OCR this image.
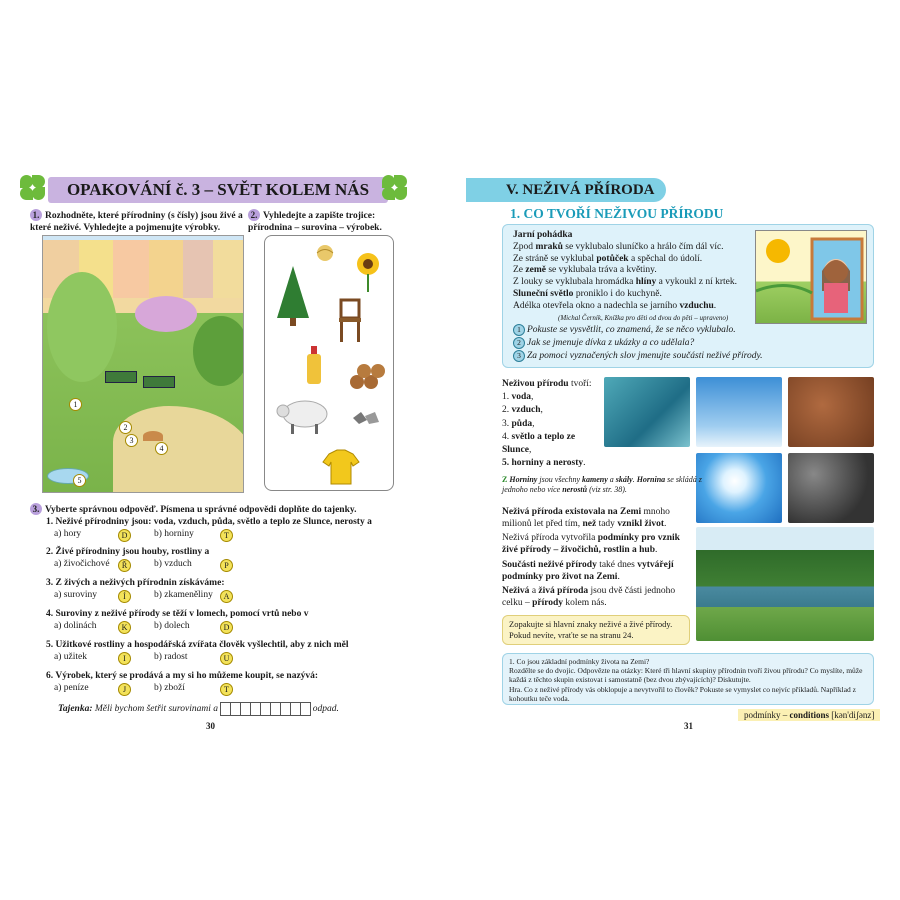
OPAKOVÁNÍ č. 3 – SVĚT KOLEM NÁS
1. Rozhodněte, které přírodniny (s čísly) jsou živé a které neživé. Vyhledejte a pojmenujte výrobky.
2. Vyhledejte a zapište trojice: přírodnina – surovina – výrobek.
1
2
3
4
5
3. Vyberte správnou odpověď. Písmena u správné odpovědi doplňte do tajenky.
1. Neživé přírodniny jsou: voda, vzduch, půda, světlo a teplo ze Slunce, nerosty a
a) hory	D	b) horniny	T
2. Živé přírodniny jsou houby, rostliny a
a) živočichové	Ř	b) vzduch	P
3. Z živých a neživých přírodnin získáváme:
a) suroviny	Í	b) zkameněliny	A
4. Suroviny z neživé přírody se těží v lomech, pomocí vrtů nebo v
a) dolinách	K	b) dolech	D
5. Užitkové rostliny a hospodářská zvířata člověk vyšlechtil, aby z nich měl
a) užitek	I	b) radost	U
6. Výrobek, který se prodává a my si ho můžeme koupit, se nazývá:
a) peníze	J	b) zboží	T
Tajenka: Měli bychom šetřit surovinami a	odpad.
30
V. NEŽIVÁ PŘÍRODA
1. CO TVOŘÍ NEŽIVOU PŘÍRODU
Jarní pohádka
Zpod mraků se vyklubalo sluníčko a hrálo čím dál víc.
Ze stráně se vyklubal potůček a spěchal do údolí.
Ze země se vyklubala tráva a květiny.
Z louky se vyklubala hromádka hlíny a vykoukl z ní krtek.
Sluneční světlo proniklo i do kuchyně.
Adélka otevřela okno a nadechla se jarního vzduchu.
(Michal Černík, Knížka pro děti od dvou do pěti – upraveno)
1 Pokuste se vysvětlit, co znamená, že se něco vyklubalo.
2 Jak se jmenuje dívka z ukázky a co udělala?
3 Za pomoci vyznačených slov jmenujte součásti neživé přírody.
Neživou přírodu tvoří:
1. voda,
2. vzduch,
3. půda,
4. světlo a teplo ze Slunce,
5. horniny a nerosty.
Z Horniny jsou všechny kameny a skály. Hornina se skládá z jednoho nebo více nerostů (viz str. 38).
Neživá příroda existovala na Zemi mnoho milionů let před tím, než tady vznikl život.
Neživá příroda vytvořila podmínky pro vznik živé přírody – živočichů, rostlin a hub.
Součásti neživé přírody také dnes vytvářejí podmínky pro život na Zemi.
Neživá a živá příroda jsou dvě části jednoho celku – přírody kolem nás.
Zopakujte si hlavní znaky neživé a živé přírody. Pokud nevíte, vraťte se na stranu 24.
1. Co jsou základní podmínky života na Zemi?
Rozdělte se do dvojic. Odpovězte na otázky: Které tři hlavní skupiny přírodnin tvoří živou přírodu? Co myslíte, může každá z těchto skupin existovat i samostatně (bez dvou zbývajících)? Diskutujte.
Hra. Co z neživé přírody vás obklopuje a nevytvořil to člověk? Pokuste se vymyslet co nejvíc příkladů. Například z kohoutku teče voda.
31
podmínky – conditions [kən'diʃənz]
